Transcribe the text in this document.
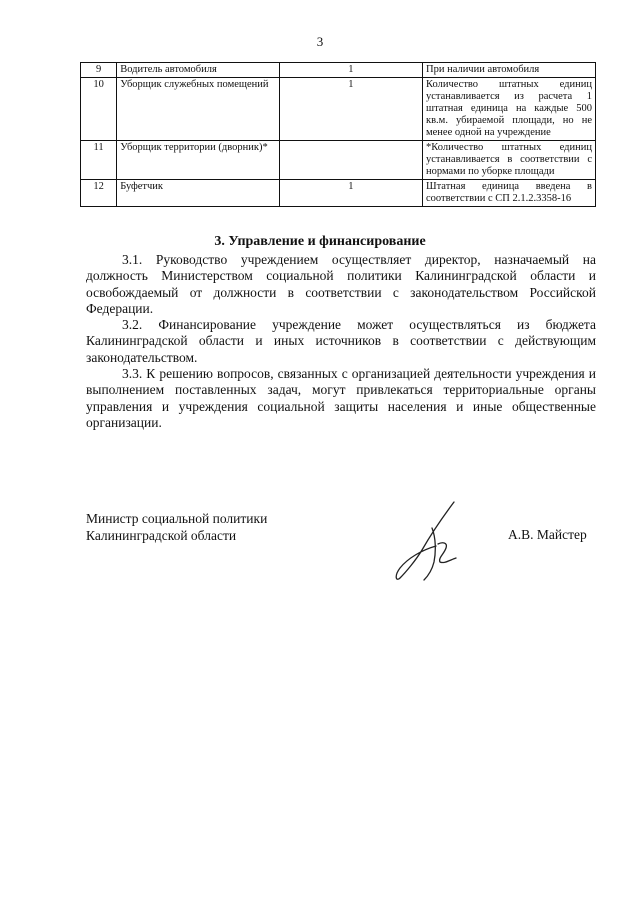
3
9	Водитель автомобиля	1	При наличии автомобиля
10	Уборщик служебных помещений	1	Количество штатных единиц устанавливается из расчета 1 штатная единица на каждые 500 кв.м. убираемой площади, но не менее одной на учреждение
11	Уборщик территории (дворник)*		*Количество штатных единиц устанавливается в соответствии с нормами по уборке площади
12	Буфетчик	1	Штатная единица введена в соответствии с СП 2.1.2.3358-16
3. Управление и финансирование

3.1. Руководство учреждением осуществляет директор, назначаемый на должность Министерством социальной политики Калининградской области и освобождаемый от должности в соответствии с законодательством Российской Федерации.

3.2. Финансирование учреждение может осуществляться из бюджета Калининградской области и иных источников в соответствии с действующим законодательством.

3.3. К решению вопросов, связанных с организацией деятельности учреждения и выполнением поставленных задач, могут привлекаться территориальные органы управления и учреждения социальной защиты населения и иные общественные организации.

Министр социальной политики
Калининградской области	А.В. Майстер
